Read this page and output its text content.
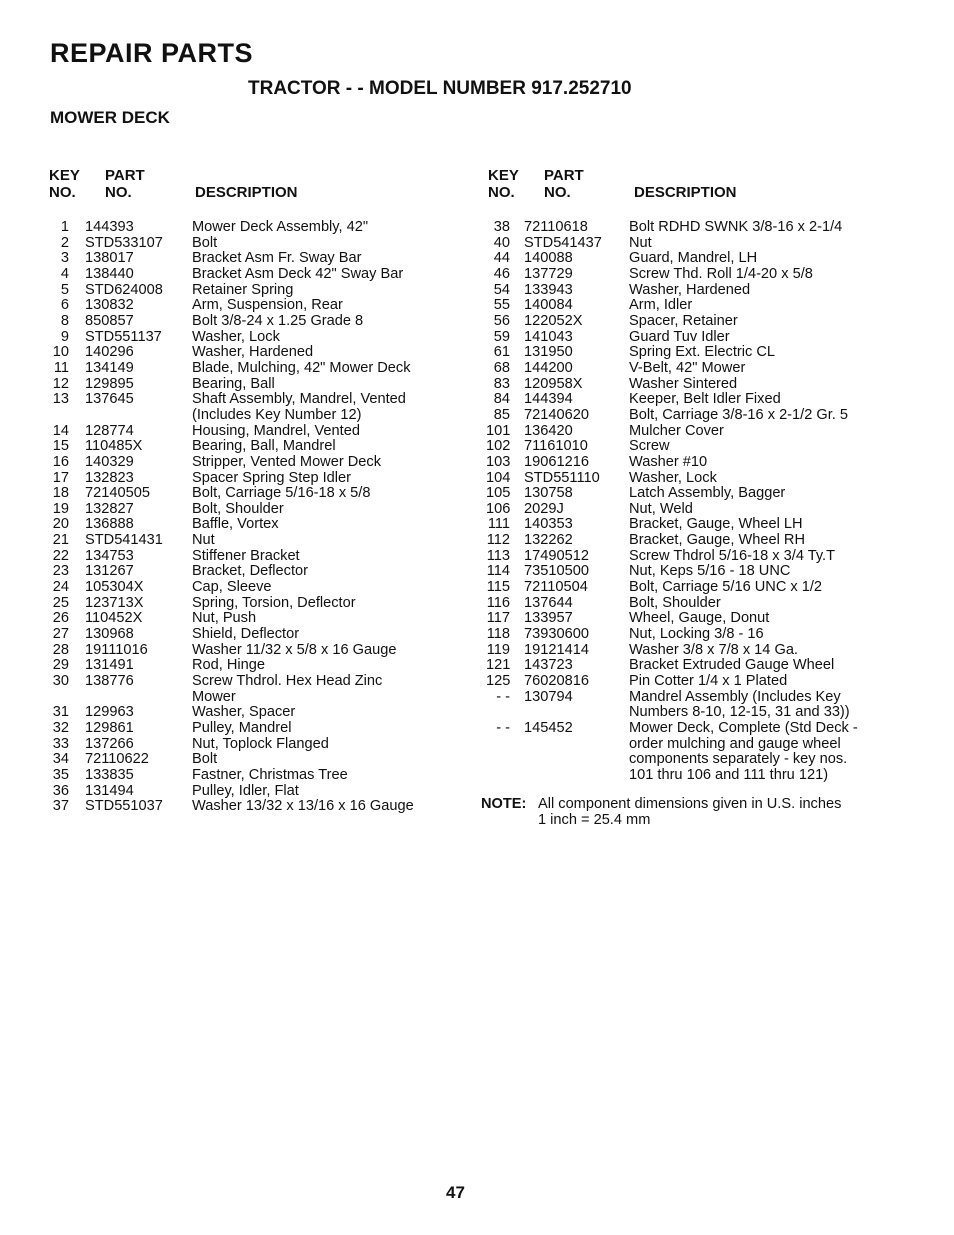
REPAIR PARTS
TRACTOR - - MODEL NUMBER 917.252710
MOWER DECK
KEY
NO.
PART
NO.	DESCRIPTION
1 144393	Mower Deck Assembly, 42"
2 STD533107 Bolt
3 138017	Bracket Asm Fr. Sway Bar
4 138440	Bracket Asm Deck 42" Sway Bar
5 STD624008 Retainer Spring
6 130832	Arm, Suspension, Rear
8 850857	Bolt 3/8-24 x 1.25 Grade 8
9 STD551137 Washer, Lock
10 140296	Washer, Hardened
11 134149	Blade, Mulching, 42" Mower Deck
12 129895	Bearing, Ball
13 137645	Shaft Assembly, Mandrel, Vented
(Includes Key Number 12)
14 128774	Housing, Mandrel, Vented
15 110485X	Bearing, Ball, Mandrel
16 140329	Stripper, Vented Mower Deck
17 132823	Spacer Spring Step Idler
18 72140505	Bolt, Carriage 5/16-18 x 5/8
19 132827	Bolt, Shoulder
20 136888	Baffle, Vortex
21 STD541431 Nut
22 134753	Stiffener Bracket
23 131267	Bracket, Deflector
24 105304X	Cap, Sleeve
25 123713X	Spring, Torsion, Deflector
26 110452X	Nut, Push
27 130968	Shield, Deflector
28 19111016	Washer 11/32 x 5/8 x 16 Gauge
29 131491	Rod, Hinge
30 138776	Screw Thdrol. Hex Head Zinc
Mower
31 129963	Washer, Spacer
32 129861	Pulley, Mandrel
33 137266	Nut, Toplock Flanged
34 72110622	Bolt
35 133835	Fastner, Christmas Tree
36 131494	Pulley, Idler, Flat
37 STD551037 Washer 13/32 x 13/16 x 16 Gauge
KEY
NO.
PART
NO.	DESCRIPTION
38 72110618	Bolt RDHD SWNK 3/8-16 x 2-1/4
40 STD541437 Nut
44 140088	Guard, Mandrel, LH
46 137729	Screw Thd. Roll 1/4-20 x 5/8
54 133943	Washer, Hardened
55 140084	Arm, Idler
56 122052X	Spacer, Retainer
59 141043	Guard Tuv Idler
61 131950	Spring Ext. Electric CL
68 144200	V-Belt, 42" Mower
83 120958X	Washer Sintered
84 144394	Keeper, Belt Idler Fixed
85 72140620	Bolt, Carriage 3/8-16 x 2-1/2 Gr. 5
101 136420	Mulcher Cover
102 71161010	Screw
103 19061216	Washer #10
104 STD551110 Washer, Lock
105 130758	Latch Assembly, Bagger
106 2029J	Nut, Weld
111 140353	Bracket, Gauge, Wheel LH
112 132262	Bracket, Gauge, Wheel RH
113 17490512	Screw Thdrol 5/16-18 x 3/4 Ty.T
114 73510500	Nut, Keps 5/16 - 18 UNC
115 72110504	Bolt, Carriage 5/16 UNC x 1/2
116 137644	Bolt, Shoulder
117 133957	Wheel, Gauge, Donut
118 73930600	Nut, Locking 3/8 - 16
119 19121414	Washer 3/8 x 7/8 x 14 Ga.
121 143723	Bracket Extruded Gauge Wheel
125 76020816	Pin Cotter 1/4 x 1 Plated
- - 130794	Mandrel Assembly (Includes Key
Numbers 8-10, 12-15, 31 and 33))
- - 145452	Mower Deck, Complete (Std Deck -
order mulching and gauge wheel
components separately - key nos.
101 thru 106 and 111 thru 121)
NOTE: All component dimensions given in U.S. inches
1 inch = 25.4 mm
47
